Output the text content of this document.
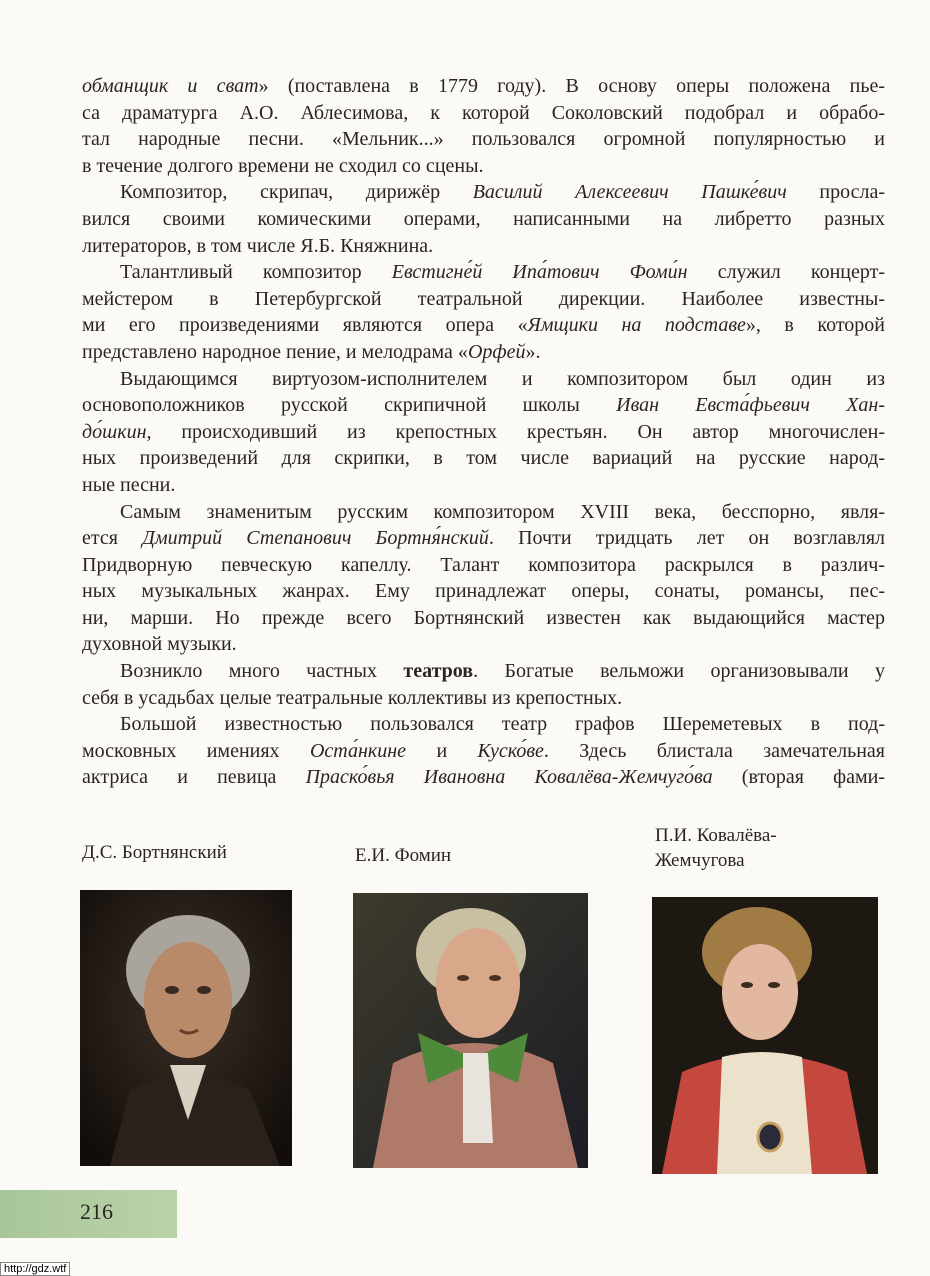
обманщик и сват» (поставлена в 1779 году). В основу оперы положена пье-
са драматурга А.О. Аблесимова, к которой Соколовский подобрал и обрабо-
тал народные песни. «Мельник...» пользовался огромной популярностью и
в течение долгого времени не сходил со сцены.
Композитор, скрипач, дирижёр Василий Алексеевич Пашке́вич просла-
вился своими комическими операми, написанными на либретто разных
литераторов, в том числе Я.Б. Княжнина.
Талантливый композитор Евстигне́й Ипа́тович Фоми́н служил концерт-
мейстером в Петербургской театральной дирекции. Наиболее известны-
ми его произведениями являются опера «Ямщики на подставе», в которой
представлено народное пение, и мелодрама «Орфей».
Выдающимся виртуозом-исполнителем и композитором был один из
основоположников русской скрипичной школы Иван Евста́фьевич Хан-
до́шкин, происходивший из крепостных крестьян. Он автор многочислен-
ных произведений для скрипки, в том числе вариаций на русские народ-
ные песни.
Самым знаменитым русским композитором XVIII века, бесспорно, явля-
ется Дмитрий Степанович Бортня́нский. Почти тридцать лет он возглавлял
Придворную певческую капеллу. Талант композитора раскрылся в различ-
ных музыкальных жанрах. Ему принадлежат оперы, сонаты, романсы, пес-
ни, марши. Но прежде всего Бортнянский известен как выдающийся мастер
духовной музыки.
Возникло много частных театров. Богатые вельможи организовывали у
себя в усадьбах целые театральные коллективы из крепостных.
Большой известностью пользовался театр графов Шереметевых в под-
московных имениях Оста́нкине и Куско́ве. Здесь блистала замечательная
актриса и певица Праско́вья Ивановна Ковалёва-Жемчуго́ва (вторая фами-
Д.С. Бортнянский	Е.И. Фомин
П.И. Ковалёва-
Жемчугова
216
http://gdz.wtf
